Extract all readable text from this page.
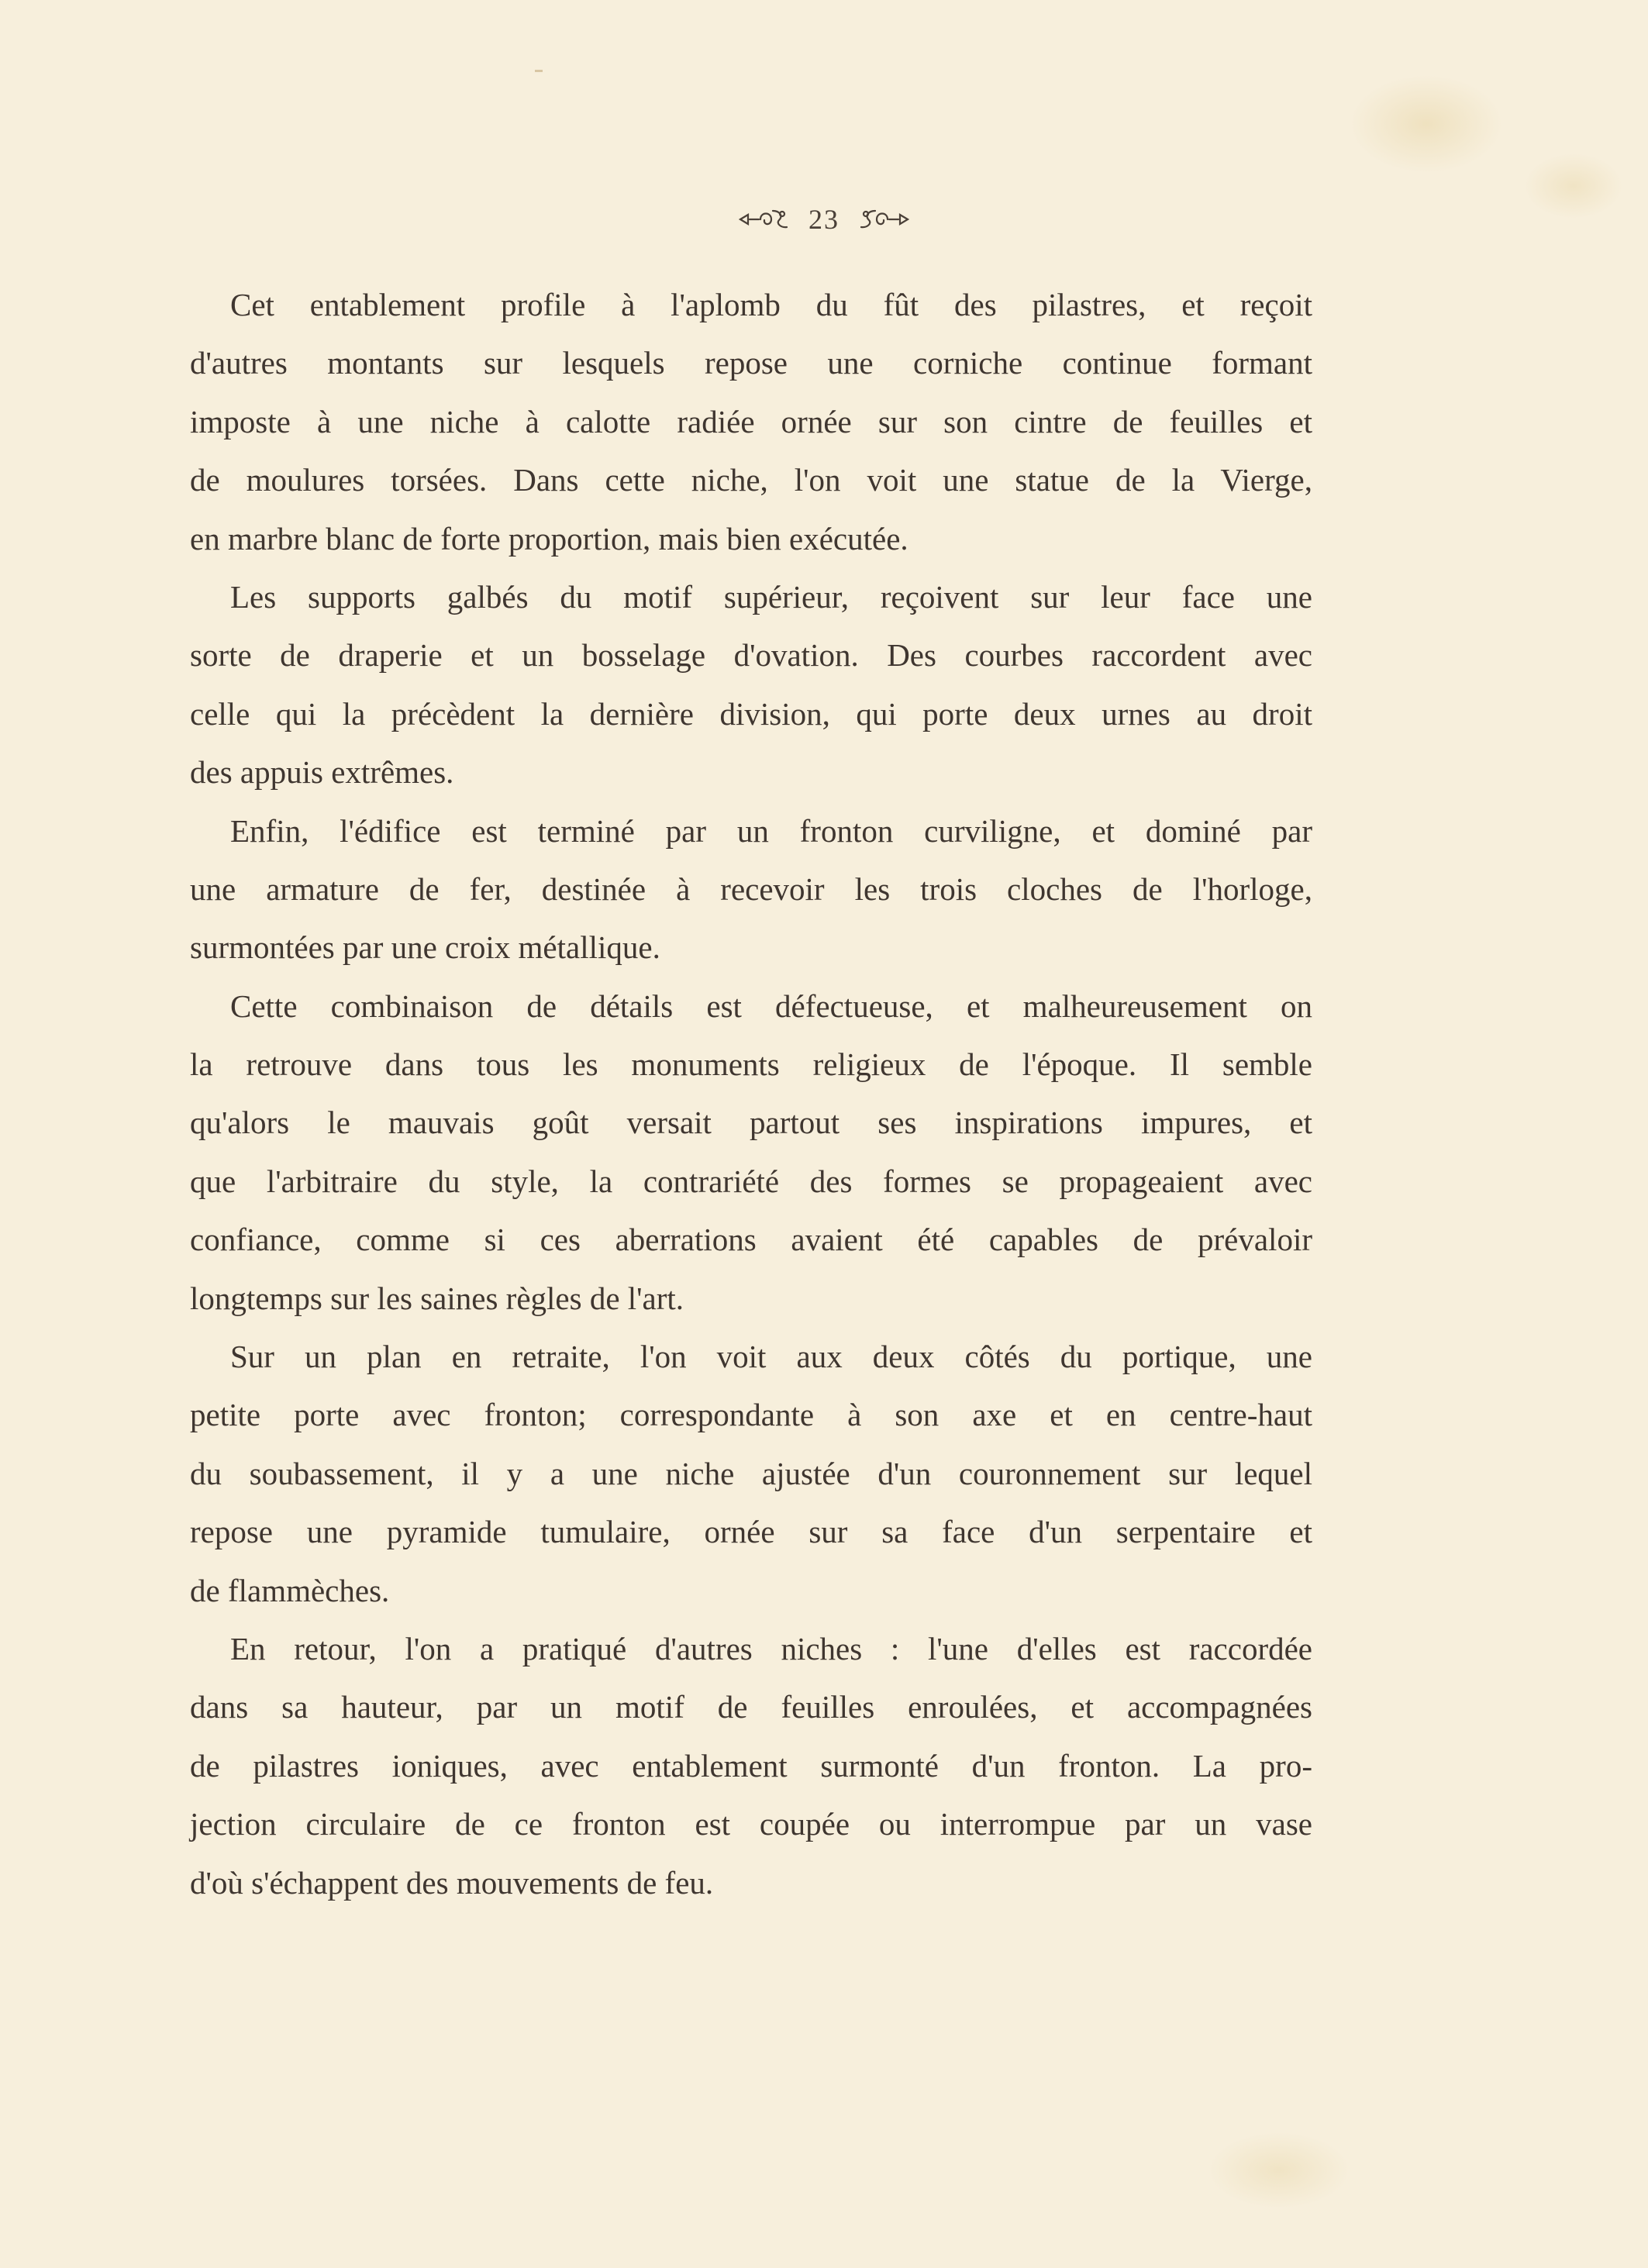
23
Cet entablement profile à l'aplomb du fût des pilastres, et reçoit
d'autres montants sur lesquels repose une corniche continue formant
imposte à une niche à calotte radiée ornée sur son cintre de feuilles et
de moulures torsées. Dans cette niche, l'on voit une statue de la Vierge,
en marbre blanc de forte proportion, mais bien exécutée.
Les supports galbés du motif supérieur, reçoivent sur leur face une
sorte de draperie et un bosselage d'ovation. Des courbes raccordent avec
celle qui la précèdent la dernière division, qui porte deux urnes au droit
des appuis extrêmes.
Enfin, l'édifice est terminé par un fronton curviligne, et dominé par
une armature de fer, destinée à recevoir les trois cloches de l'horloge,
surmontées par une croix métallique.
Cette combinaison de détails est défectueuse, et malheureusement on
la retrouve dans tous les monuments religieux de l'époque. Il semble
qu'alors le mauvais goût versait partout ses inspirations impures, et
que l'arbitraire du style, la contrariété des formes se propageaient avec
confiance, comme si ces aberrations avaient été capables de prévaloir
longtemps sur les saines règles de l'art.
Sur un plan en retraite, l'on voit aux deux côtés du portique, une
petite porte avec fronton; correspondante à son axe et en centre-haut
du soubassement, il y a une niche ajustée d'un couronnement sur lequel
repose une pyramide tumulaire, ornée sur sa face d'un serpentaire et
de flammèches.
En retour, l'on a pratiqué d'autres niches : l'une d'elles est raccordée
dans sa hauteur, par un motif de feuilles enroulées, et accompagnées
de pilastres ioniques, avec entablement surmonté d'un fronton. La pro-
jection circulaire de ce fronton est coupée ou interrompue par un vase
d'où s'échappent des mouvements de feu.
